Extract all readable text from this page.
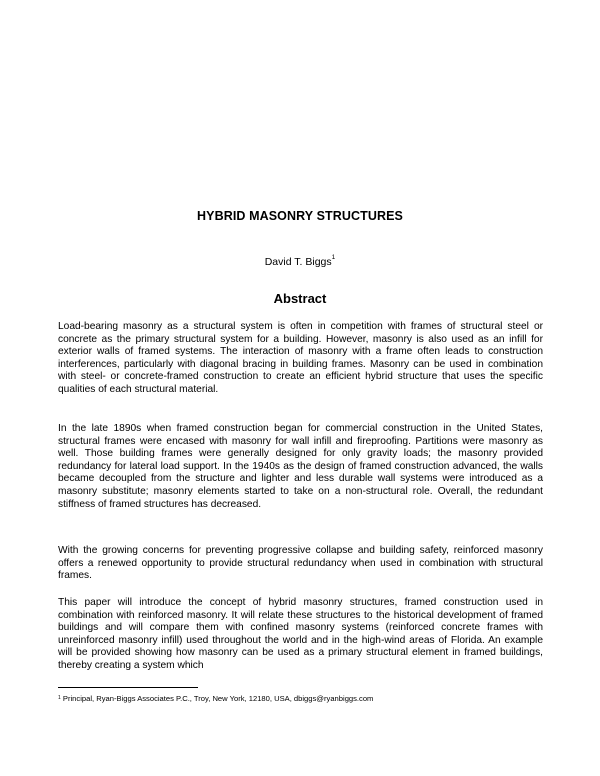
HYBRID MASONRY STRUCTURES
David T. Biggs$^1$
Abstract

Load-bearing masonry as a structural system is often in competition with frames of structural steel or concrete as the primary structural system for a building. However, masonry is also used as an infill for exterior walls of framed systems. The interaction of masonry with a frame often leads to construction interferences, particularly with diagonal bracing in building frames. Masonry can be used in combination with steel- or concrete-framed construction to create an efficient hybrid structure that uses the specific qualities of each structural material.

In the late 1890s when framed construction began for commercial construction in the United States, structural frames were encased with masonry for wall infill and fireproofing. Partitions were masonry as well. Those building frames were generally designed for only gravity loads; the masonry provided redundancy for lateral load support. In the 1940s as the design of framed construction advanced, the walls became decoupled from the structure and lighter and less durable wall systems were introduced as a masonry substitute; masonry elements started to take on a non-structural role. Overall, the redundant stiffness of framed structures has decreased.

With the growing concerns for preventing progressive collapse and building safety, reinforced masonry offers a renewed opportunity to provide structural redundancy when used in combination with structural frames.

This paper will introduce the concept of hybrid masonry structures, framed construction used in combination with reinforced masonry. It will relate these structures to the historical development of framed buildings and will compare them with confined masonry systems (reinforced concrete frames with unreinforced masonry infill) used throughout the world and in the high-wind areas of Florida. An example will be provided showing how masonry can be used as a primary structural element in framed buildings, thereby creating a system which

$^1$ Principal, Ryan-Biggs Associates P.C., Troy, New York, 12180, USA, dbiggs@ryanbiggs.com
